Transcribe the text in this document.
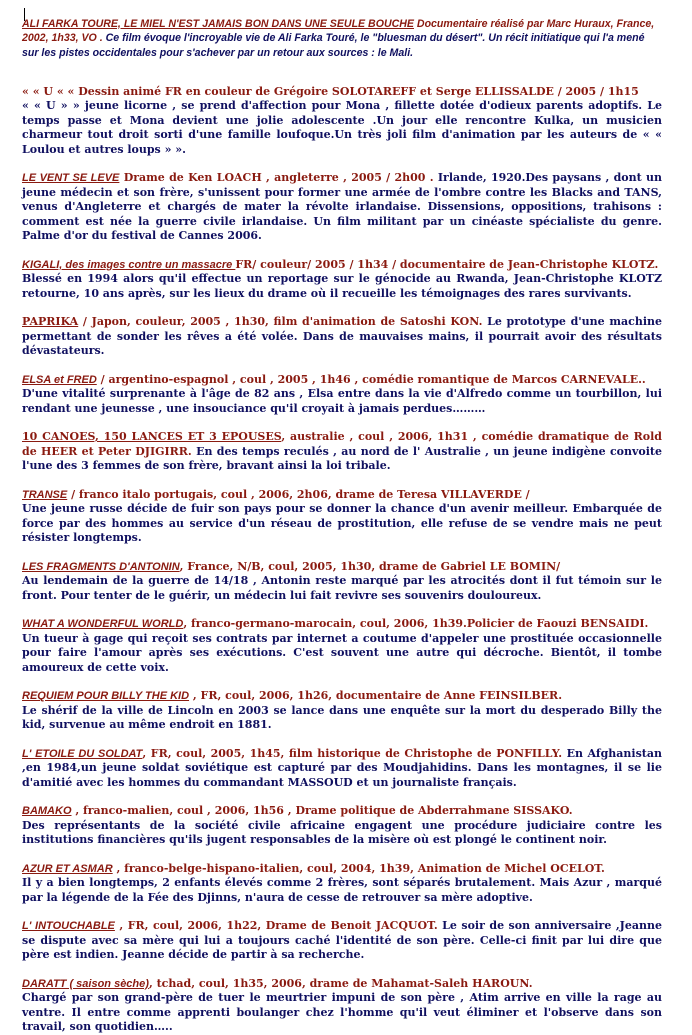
ALI FARKA TOURE, LE MIEL N'EST JAMAIS BON DANS UNE SEULE BOUCHE Documentaire réalisé par Marc Huraux, France, 2002, 1h33, VO . Ce film évoque l'incroyable vie de Ali Farka Touré, le "bluesman du désert". Un récit initiatique qui l'a mené sur les pistes occidentales pour s'achever par un retour aux sources : le Mali.

« « U « « Dessin animé FR en couleur de Grégoire SOLOTAREFF et Serge ELLISSALDE / 2005 / 1h15
« « U » » jeune licorne , se prend d'affection pour Mona , fillette dotée d'odieux parents adoptifs. Le temps passe et Mona devient une jolie adolescente .Un jour elle rencontre Kulka, un musicien charmeur tout droit sorti d'une famille loufoque.Un très joli film d'animation par les auteurs de « « Loulou et autres loups » ».

LE VENT SE LEVE Drame de Ken LOACH , angleterre , 2005 / 2h00 . Irlande, 1920.Des paysans , dont un jeune médecin et son frère, s'unissent pour former une armée de l'ombre contre les Blacks and TANS, venus d'Angleterre et chargés de mater la révolte irlandaise. Dissensions, oppositions, trahisons : comment est née la guerre civile irlandaise. Un film militant par un cinéaste spécialiste du genre. Palme d'or du festival de Cannes 2006.

KIGALI, des images contre un massacre FR/ couleur/ 2005 / 1h34 / documentaire de Jean-Christophe KLOTZ.
Blessé en 1994 alors qu'il effectue un reportage sur le génocide au Rwanda, Jean-Christophe KLOTZ retourne, 10 ans après, sur les lieux du drame où il recueille les témoignages des rares survivants.

PAPRIKA / Japon, couleur, 2005 , 1h30, film d'animation de Satoshi KON. Le prototype d'une machine permettant de sonder les rêves a été volée. Dans de mauvaises mains, il pourrait avoir des résultats dévastateurs.

ELSA et FRED / argentino-espagnol , coul , 2005 , 1h46 , comédie romantique de Marcos CARNEVALE..
D'une vitalité surprenante à l'âge de 82 ans , Elsa entre dans la vie d'Alfredo comme un tourbillon, lui rendant une jeunesse , une insouciance qu'il croyait à jamais perdues………

10 CANOES, 150 LANCES ET 3 EPOUSES, australie , coul , 2006, 1h31 , comédie dramatique de Rold de HEER et Peter DJIGIRR. En des temps reculés , au nord de l' Australie , un jeune indigène convoite l'une des 3 femmes de son frère, bravant ainsi la loi tribale.

TRANSE / franco italo portugais, coul , 2006, 2h06, drame de Teresa VILLAVERDE /
Une jeune russe décide de fuir son pays pour se donner la chance d'un avenir meilleur. Embarquée de force par des hommes au service d'un réseau de prostitution, elle refuse de se vendre mais ne peut résister longtemps.

LES FRAGMENTS D'ANTONIN, France, N/B, coul, 2005, 1h30, drame de Gabriel LE BOMIN/
Au lendemain de la guerre de 14/18 , Antonin reste marqué par les atrocités dont il fut témoin sur le front. Pour tenter de le guérir, un médecin lui fait revivre ses souvenirs douloureux.

WHAT A WONDERFUL WORLD, franco-germano-marocain, coul, 2006, 1h39.Policier de Faouzi BENSAIDI.
Un tueur à gage qui reçoit ses contrats par internet a coutume d'appeler une prostituée occasionnelle pour faire l'amour après ses exécutions. C'est souvent une autre qui décroche. Bientôt, il tombe amoureux de cette voix.

REQUIEM POUR BILLY THE KID , FR, coul, 2006, 1h26, documentaire de Anne FEINSILBER.
Le shérif de la ville de Lincoln en 2003 se lance dans une enquête sur la mort du desperado Billy the kid, survenue au même endroit en 1881.

L' ETOILE DU SOLDAT, FR, coul, 2005, 1h45, film historique de Christophe de PONFILLY. En Afghanistan ,en 1984,un jeune soldat soviétique est capturé par des Moudjahidins. Dans les montagnes, il se lie d'amitié avec les hommes du commandant MASSOUD et un journaliste français.

BAMAKO , franco-malien, coul , 2006, 1h56 , Drame politique de Abderrahmane SISSAKO.
Des représentants de la société civile africaine engagent une procédure judiciaire contre les institutions financières qu'ils jugent responsables de la misère où est plongé le continent noir.

AZUR ET ASMAR , franco-belge-hispano-italien, coul, 2004, 1h39, Animation de Michel OCELOT.
Il y a bien longtemps, 2 enfants élevés comme 2 frères, sont séparés brutalement. Mais Azur , marqué par la légende de la Fée des Djinns, n'aura de cesse de retrouver sa mère adoptive.

L' INTOUCHABLE , FR, coul, 2006, 1h22, Drame de Benoit JACQUOT. Le soir de son anniversaire ,Jeanne se dispute avec sa mère qui lui a toujours caché l'identité de son père. Celle-ci finit par lui dire que père est indien. Jeanne décide de partir à sa recherche.

DARATT ( saison sèche), tchad, coul, 1h35, 2006, drame de Mahamat-Saleh HAROUN.
Chargé par son grand-père de tuer le meurtrier impuni de son père , Atim arrive en ville la rage au ventre. Il entre comme apprenti boulanger chez l'homme qu'il veut éliminer et l'observe dans son travail, son quotidien…..
